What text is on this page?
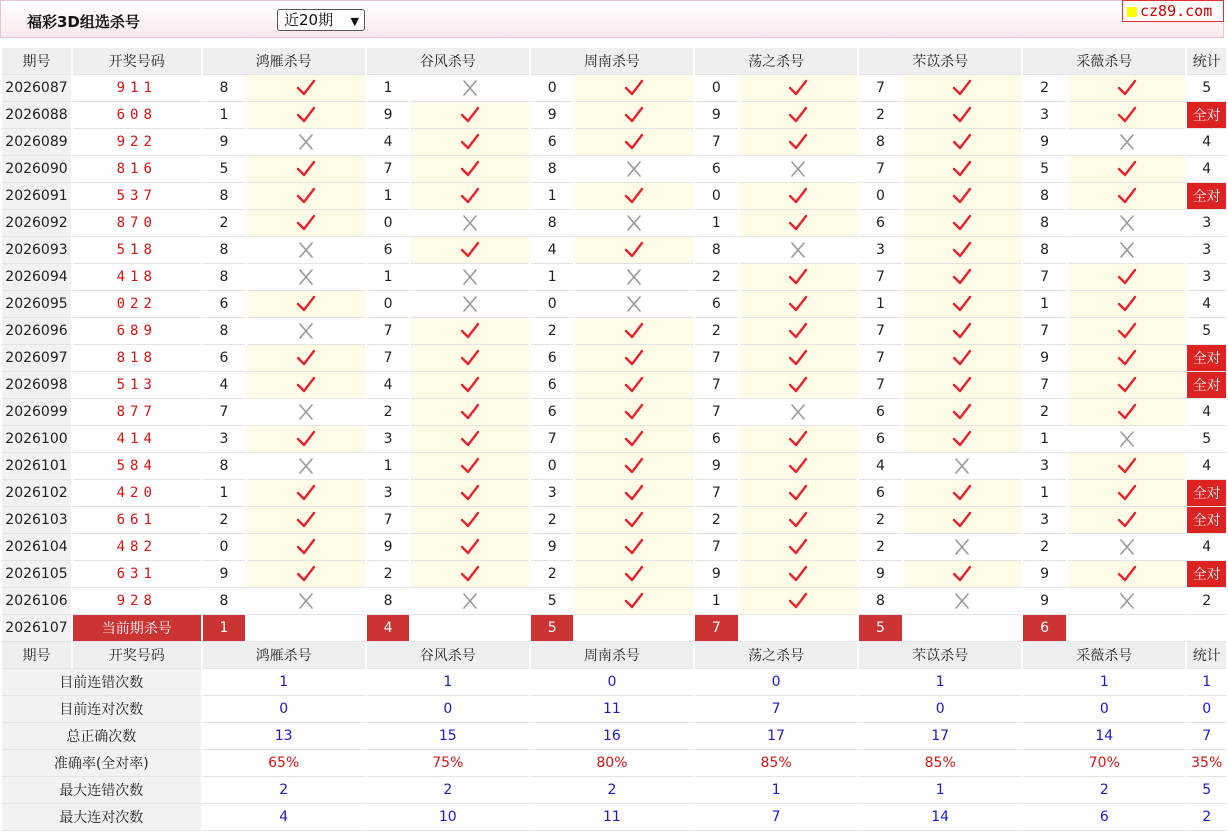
福彩3D组选杀号	近20期 ▼
cz89.com
期号	开奖号码	鸿雁杀号		谷风杀号		周南杀号		荡之杀号		芣苡杀号		采薇杀号		统计
2026087	911	8		1		0		0		7		2		5
2026088	608	1		9		9		9		2		3		全对
2026089	922	9		4		6		7		8		9		4
2026090	816	5		7		8		6		7		5		4
2026091	537	8		1		1		0		0		8		全对
2026092	870	2		0		8		1		6		8		3
2026093	518	8		6		4		8		3		8		3
2026094	418	8		1		1		2		7		7		3
2026095	022	6		0		0		6		1		1		4
2026096	689	8		7		2		2		7		7		5
2026097	818	6		7		6		7		7		9		全对
2026098	513	4		4		6		7		7		7		全对
2026099	877	7		2		6		7		6		2		4
2026100	414	3		3		7		6		6		1		5
2026101	584	8		1		0		9		4		3		4
2026102	420	1		3		3		7		6		1		全对
2026103	661	2		7		2		2		2		3		全对
2026104	482	0		9		9		7		2		2		4
2026105	631	9		2		2		9		9		9		全对
2026106	928	8		8		5		1		8		9		2
2026107	当前期杀号	1		4		5		7		5		6		
期号	开奖号码	鸿雁杀号		谷风杀号		周南杀号		荡之杀号		芣苡杀号		采薇杀号		统计
目前连错次数		1		1		0		0		1		1		1
目前连对次数		0		0		11		7		0		0		0
总正确次数		13		15		16		17		17		14		7
准确率(全对率)		65%		75%		80%		85%		85%		70%		35%
最大连错次数		2		2		2		1		1		2		5
最大连对次数		4		10		11		7		14		6		2
